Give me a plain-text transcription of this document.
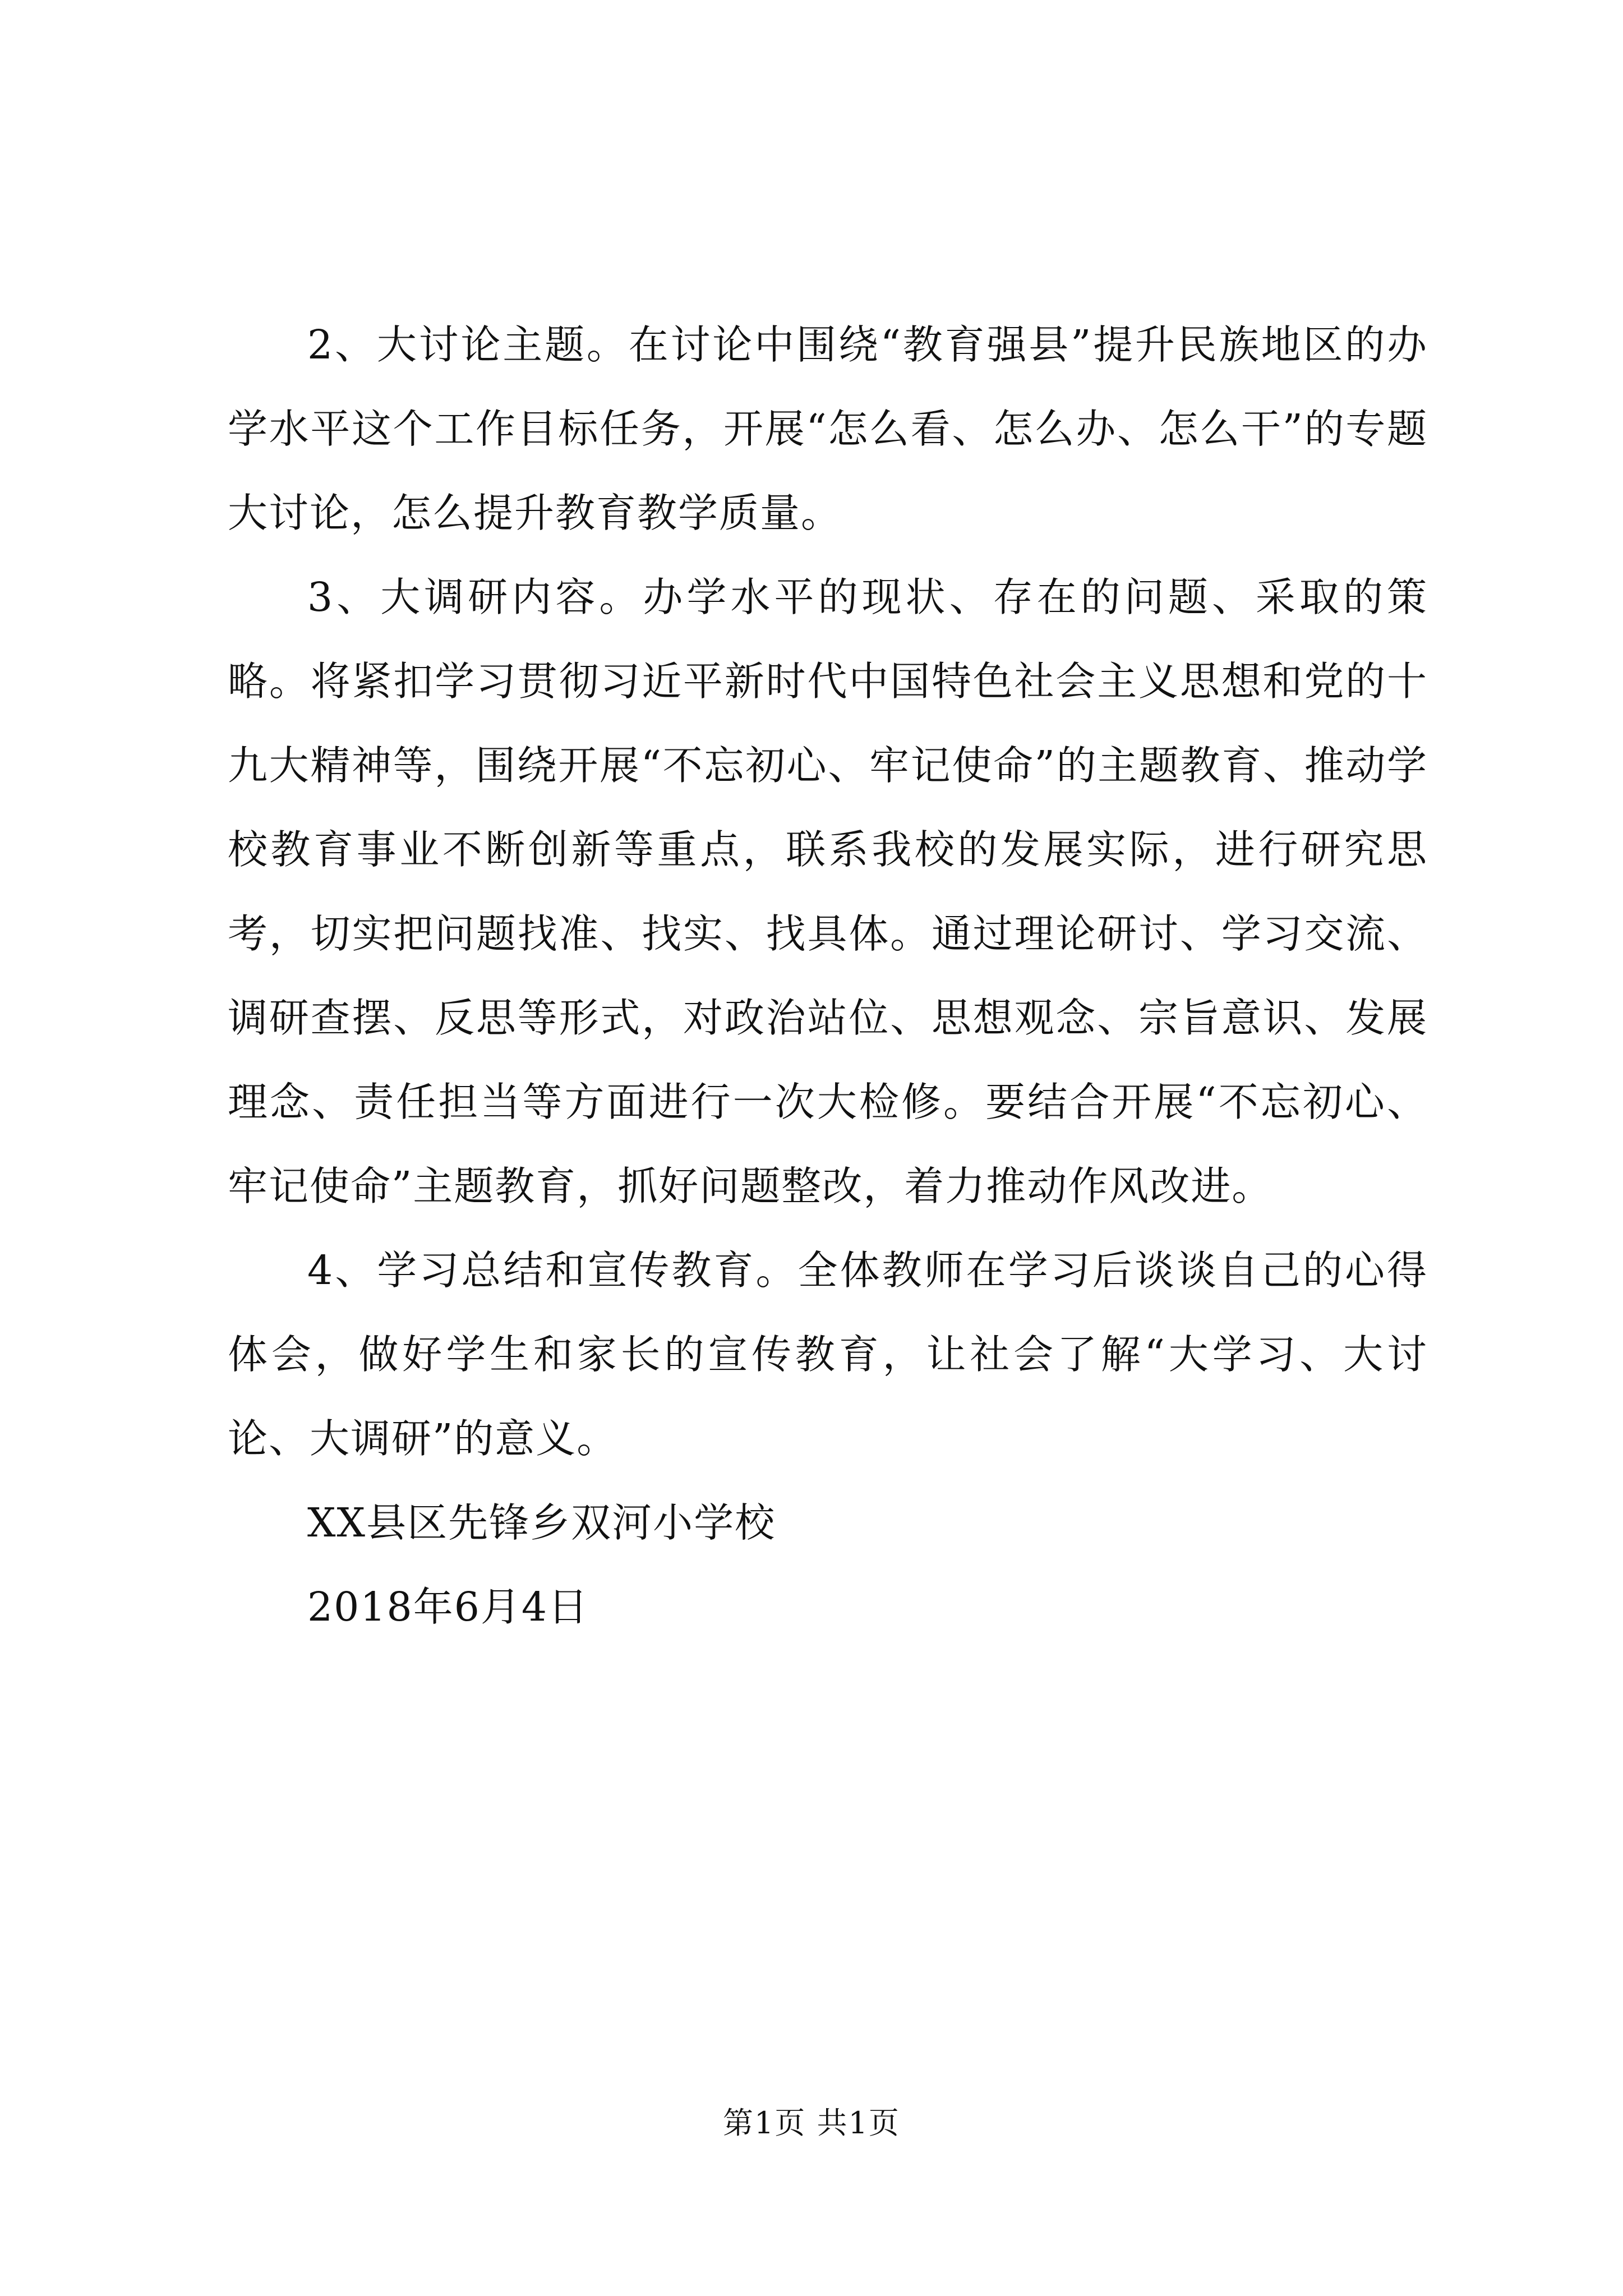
2、大讨论主题。在讨论中围绕“教育强县”提升民族地区的办学水平这个工作目标任务，开展“怎么看、怎么办、怎么干”的专题大讨论，怎么提升教育教学质量。

3、大调研内容。办学水平的现状、存在的问题、采取的策略。将紧扣学习贯彻习近平新时代中国特色社会主义思想和党的十九大精神等，围绕开展“不忘初心、牢记使命”的主题教育、推动学校教育事业不断创新等重点，联系我校的发展实际，进行研究思考，切实把问题找准、找实、找具体。通过理论研讨、学习交流、调研查摆、反思等形式，对政治站位、思想观念、宗旨意识、发展理念、责任担当等方面进行一次大检修。要结合开展“不忘初心、牢记使命”主题教育，抓好问题整改，着力推动作风改进。

4、学习总结和宣传教育。全体教师在学习后谈谈自己的心得体会，做好学生和家长的宣传教育，让社会了解“大学习、大讨论、大调研”的意义。

XX县区先锋乡双河小学校

2018年6月4日

第1页 共1页
